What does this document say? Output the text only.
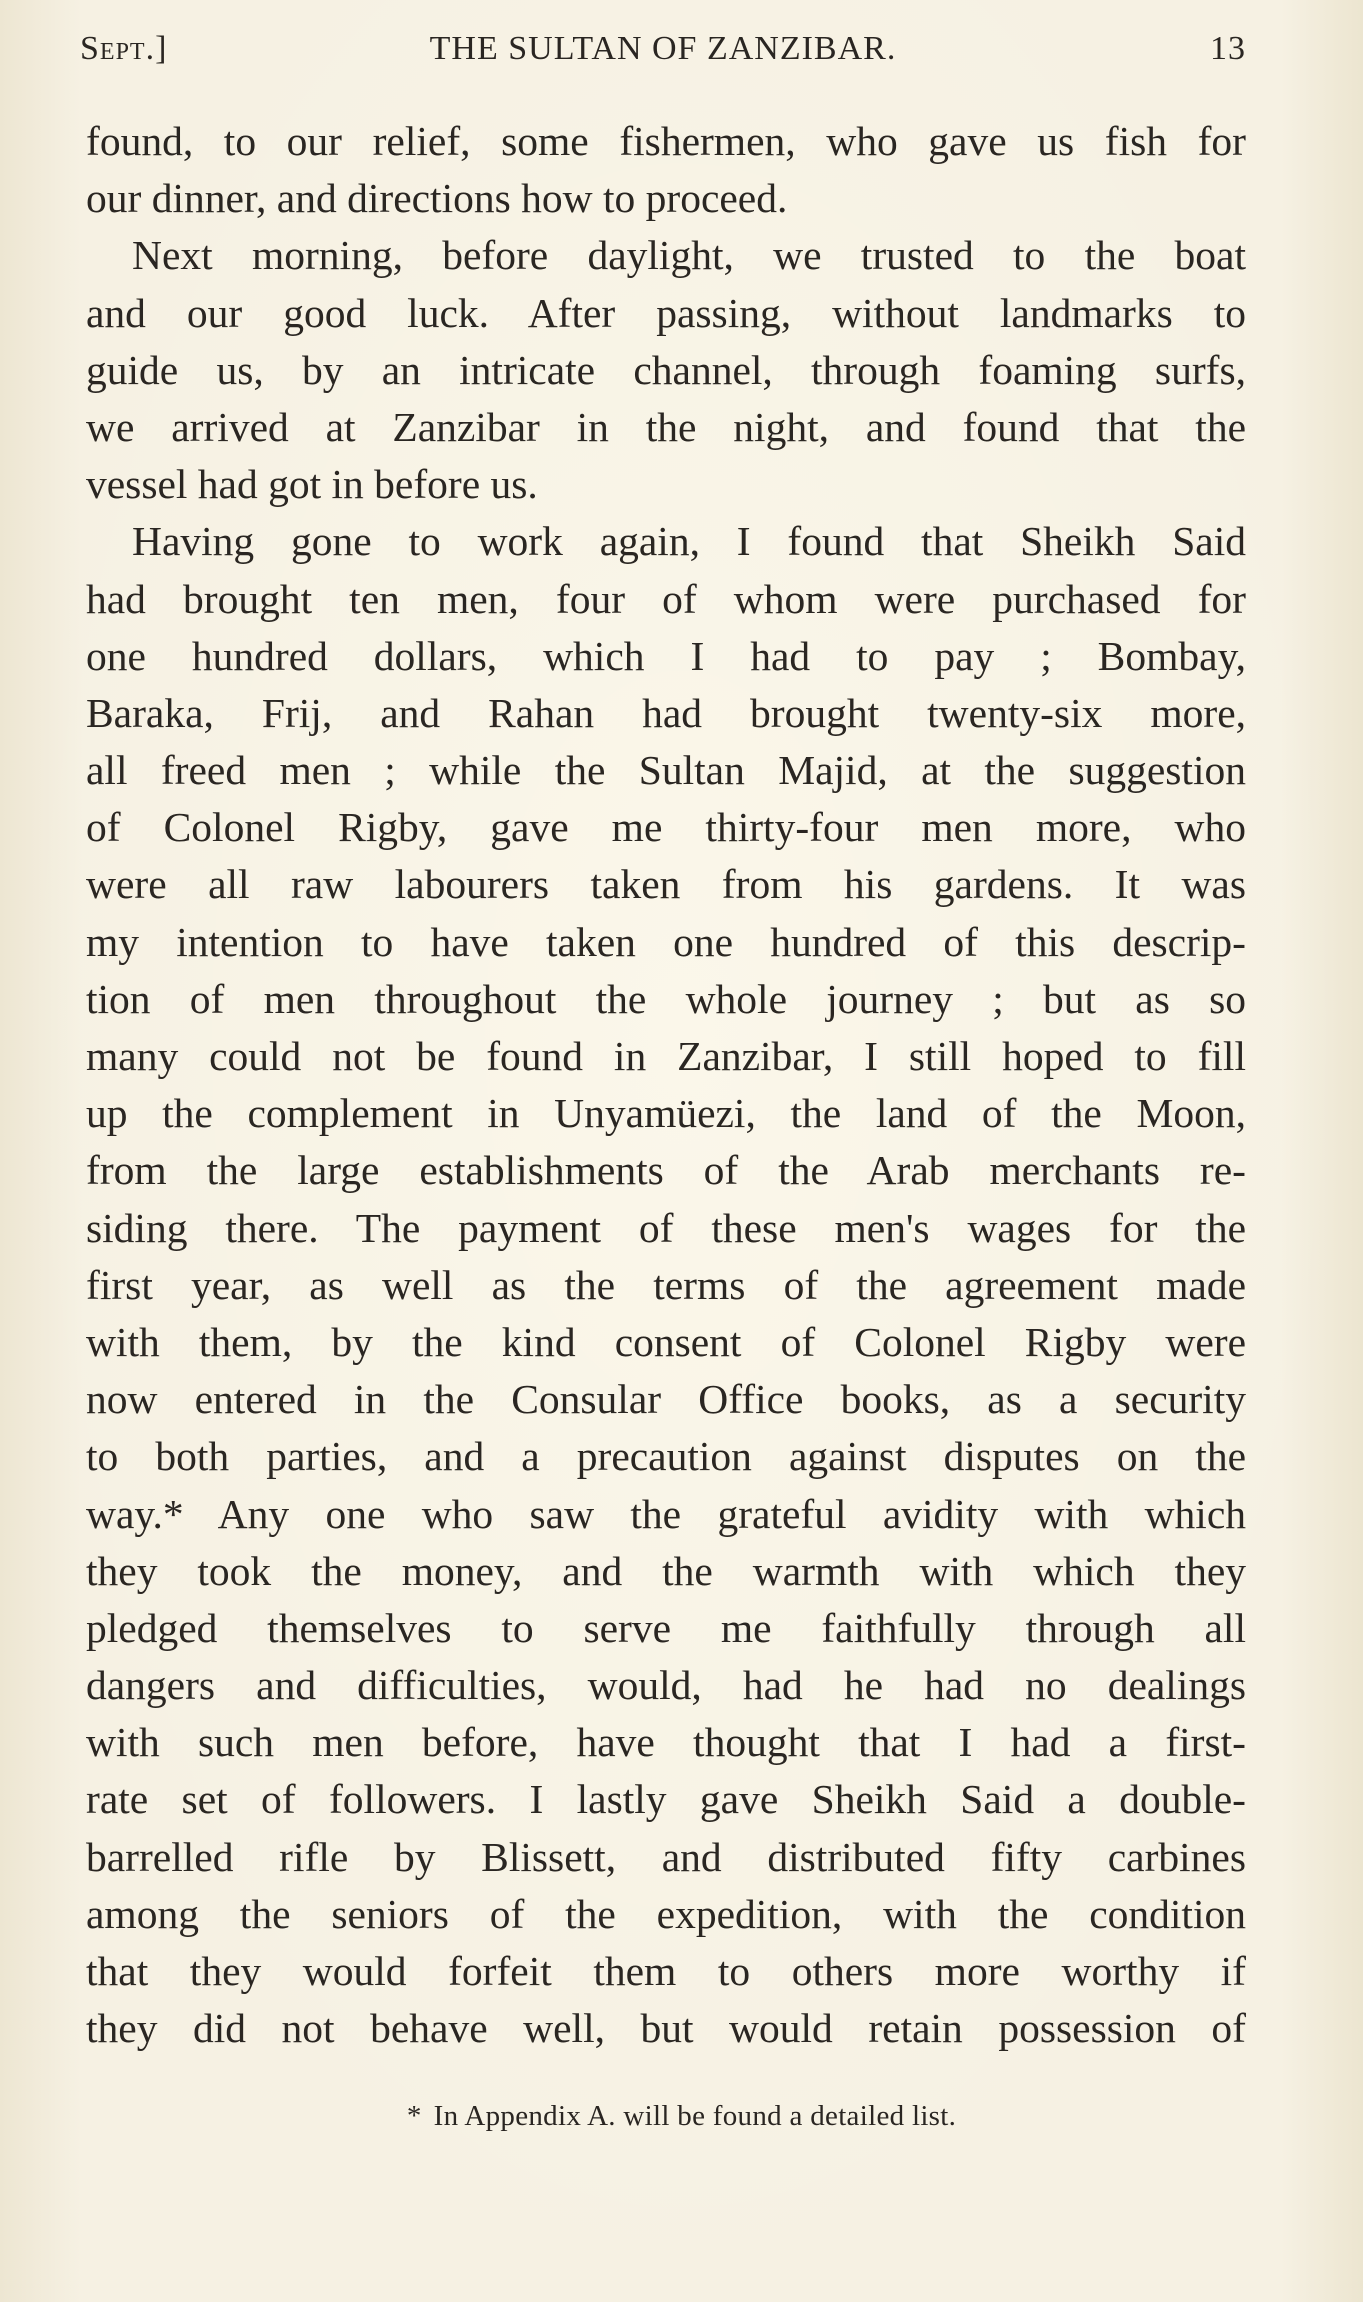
Sept.]	THE SULTAN OF ZANZIBAR.	13
found, to our relief, some fishermen, who gave us fish for
our dinner, and directions how to proceed.
Next morning, before daylight, we trusted to the boat
and our good luck. After passing, without landmarks to
guide us, by an intricate channel, through foaming surfs,
we arrived at Zanzibar in the night, and found that the
vessel had got in before us.
Having gone to work again, I found that Sheikh Said
had brought ten men, four of whom were purchased for
one hundred dollars, which I had to pay ; Bombay,
Baraka, Frij, and Rahan had brought twenty-six more,
all freed men ; while the Sultan Majid, at the suggestion
of Colonel Rigby, gave me thirty-four men more, who
were all raw labourers taken from his gardens. It was
my intention to have taken one hundred of this descrip-
tion of men throughout the whole journey ; but as so
many could not be found in Zanzibar, I still hoped to fill
up the complement in Unyamüezi, the land of the Moon,
from the large establishments of the Arab merchants re-
siding there. The payment of these men's wages for the
first year, as well as the terms of the agreement made
with them, by the kind consent of Colonel Rigby were
now entered in the Consular Office books, as a security
to both parties, and a precaution against disputes on the
way.* Any one who saw the grateful avidity with which
they took the money, and the warmth with which they
pledged themselves to serve me faithfully through all
dangers and difficulties, would, had he had no dealings
with such men before, have thought that I had a first-
rate set of followers. I lastly gave Sheikh Said a double-
barrelled rifle by Blissett, and distributed fifty carbines
among the seniors of the expedition, with the condition
that they would forfeit them to others more worthy if
they did not behave well, but would retain possession of
* In Appendix A. will be found a detailed list.
